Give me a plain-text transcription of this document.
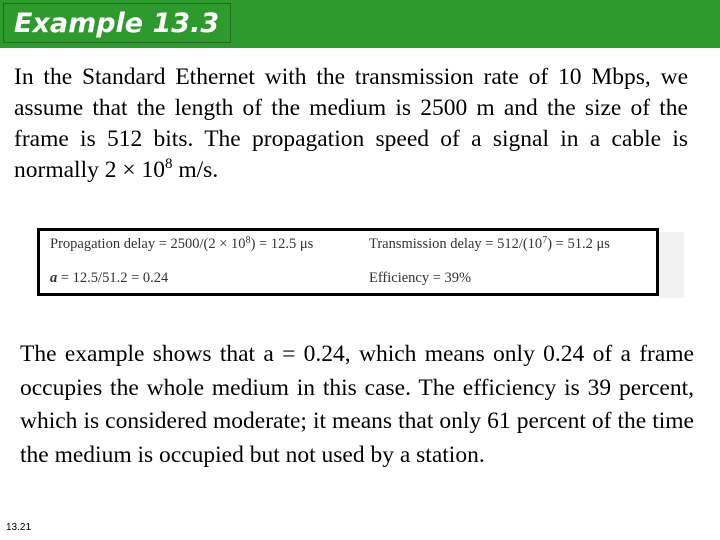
Example 13.3
In the Standard Ethernet with the transmission rate of 10 Mbps, we assume that the length of the medium is 2500 m and the size of the frame is 512 bits. The propagation speed of a signal in a cable is normally $2 \times 10^8$ m/s.
Propagation delay = $2500/(2 \times 10^8) = 12.5$ μs	Transmission delay = $512/(10^7) = 51.2$ μs
a = 12.5/51.2 = 0.24	Efficiency = 39%
The example shows that a = 0.24, which means only 0.24 of a frame occupies the whole medium in this case. The efficiency is 39 percent, which is considered moderate; it means that only 61 percent of the time the medium is occupied but not used by a station.
13.21
